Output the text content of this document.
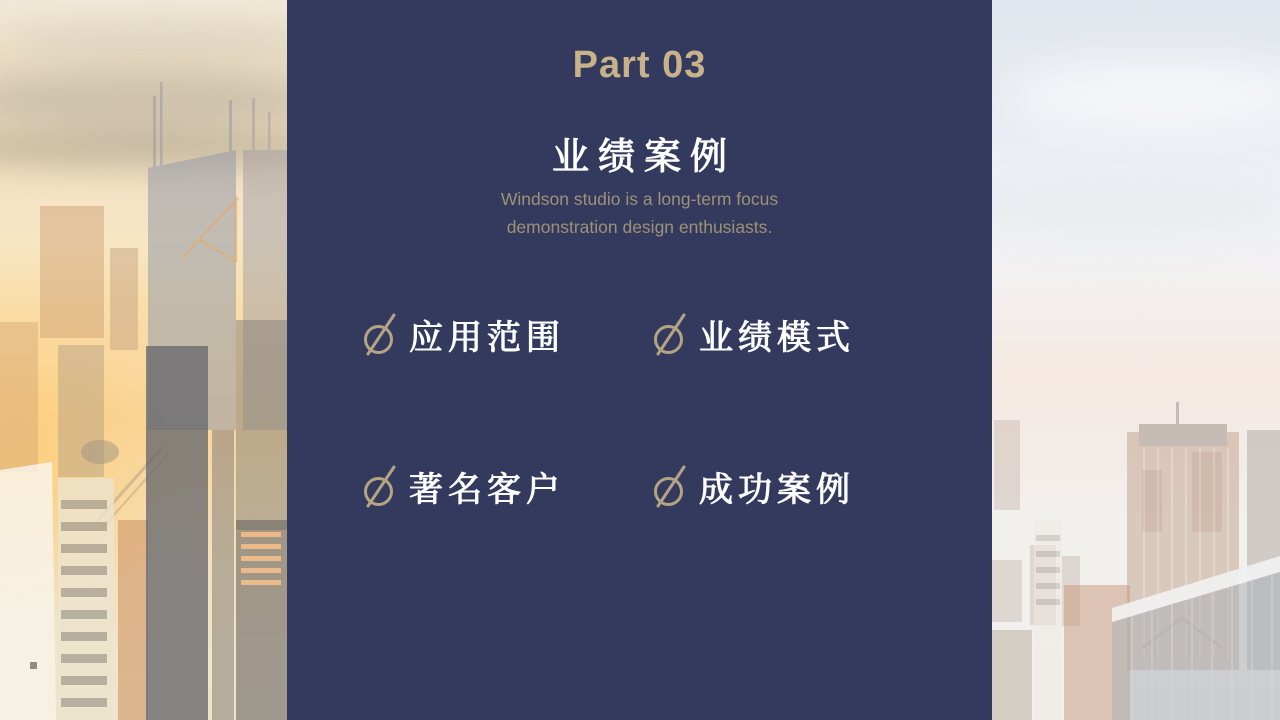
Part 03
业绩案例
Windson studio is a long-term focus
demonstration design enthusiasts.
应用范围	业绩模式
著名客户	成功案例
